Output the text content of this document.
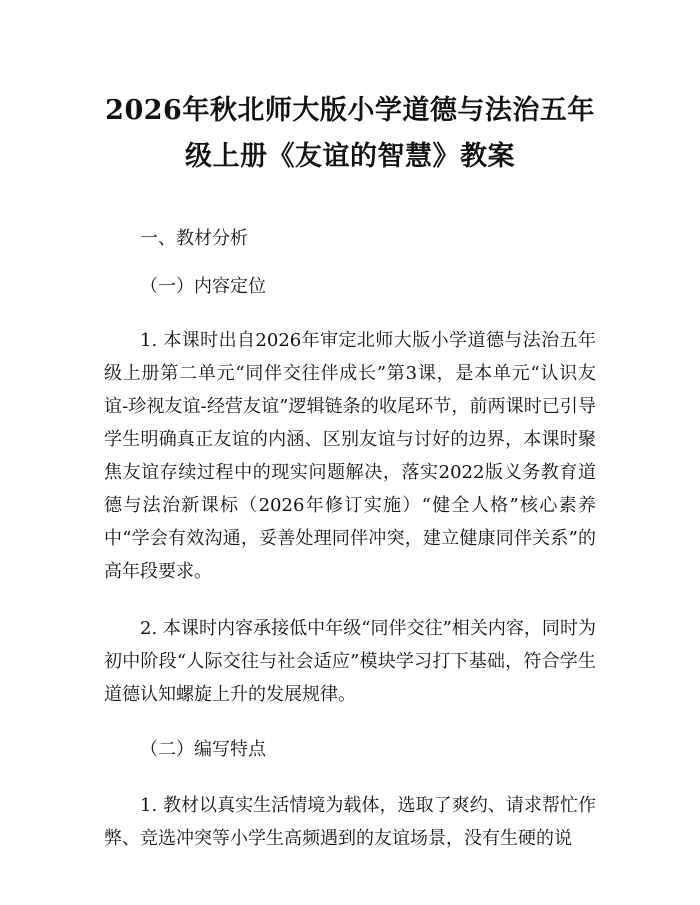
2026年秋北师大版小学道德与法治五年级上册《友谊的智慧》教案

一、教材分析

（一）内容定位

1. 本课时出自2026年审定北师大版小学道德与法治五年级上册第二单元“同伴交往伴成长”第3课，是本单元“认识友谊-珍视友谊-经营友谊”逻辑链条的收尾环节，前两课时已引导学生明确真正友谊的内涵、区别友谊与讨好的边界，本课时聚焦友谊存续过程中的现实问题解决，落实2022版义务教育道德与法治新课标（2026年修订实施）“健全人格”核心素养中“学会有效沟通，妥善处理同伴冲突，建立健康同伴关系”的高年段要求。

2. 本课时内容承接低中年级“同伴交往”相关内容，同时为初中阶段“人际交往与社会适应”模块学习打下基础，符合学生道德认知螺旋上升的发展规律。

（二）编写特点

1. 教材以真实生活情境为载体，选取了爽约、请求帮忙作弊、竞选冲突等小学生高频遇到的友谊场景，没有生硬的说
